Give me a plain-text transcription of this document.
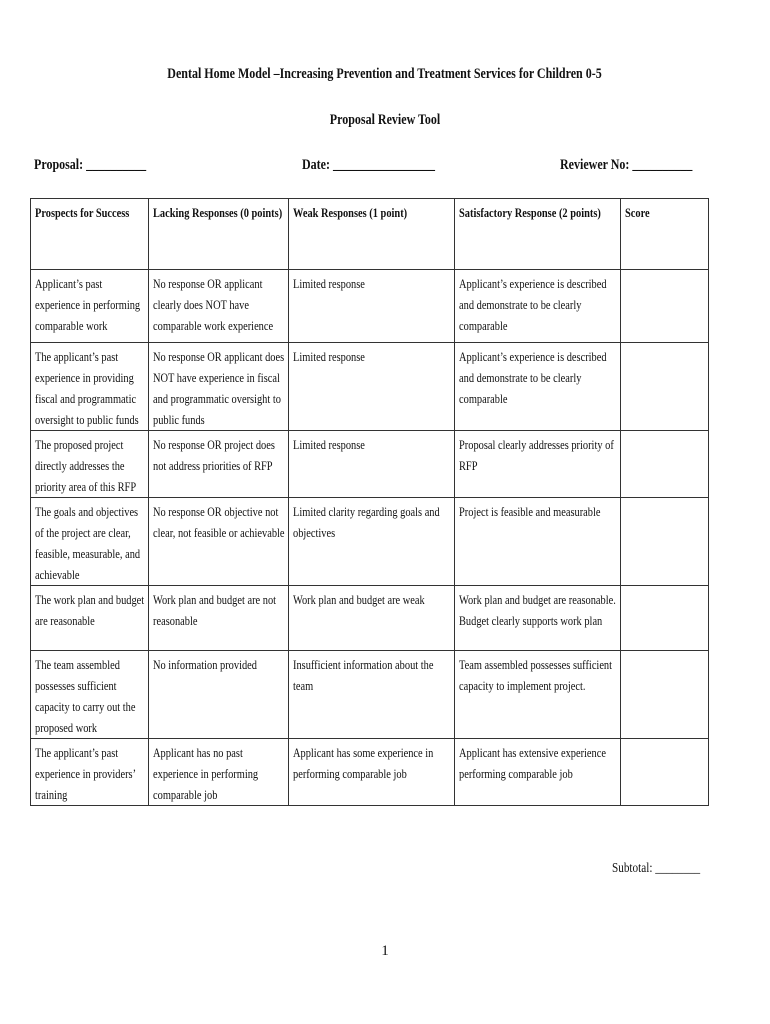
Dental Home Model –Increasing Prevention and Treatment Services for Children 0-5
Proposal Review Tool
Proposal: __________	Date: _________________	Reviewer No: __________
Prospects for Success	Lacking Responses (0 points)	Weak Responses (1 point)	Satisfactory Response (2 points)	Score

Applicant’s past experience in performing comparable work	No response OR applicant clearly does NOT have comparable work experience	Limited response	Applicant’s experience is described and demonstrate to be clearly comparable	

The applicant’s past experience in providing fiscal and programmatic oversight to public funds	No response OR applicant does NOT have experience in fiscal and programmatic oversight to public funds	Limited response	Applicant’s experience is described and demonstrate to be clearly comparable	

The proposed project directly addresses the priority area of this RFP	No response OR project does not address priorities of RFP	Limited response	Proposal clearly addresses priority of RFP	

The goals and objectives of the project are clear, feasible, measurable, and achievable	No response OR objective not clear, not feasible or achievable	Limited clarity regarding goals and objectives	Project is feasible and measurable	

The work plan and budget are reasonable	Work plan and budget are not reasonable	Work plan and budget are weak	Work plan and budget are reasonable. Budget clearly supports work plan	

The team assembled possesses sufficient capacity to carry out the proposed work	No information provided	Insufficient information about the team	Team assembled possesses sufficient capacity to implement project.	

The applicant’s past experience in providers’ training	Applicant has no past experience in performing comparable job	Applicant has some experience in performing comparable job	Applicant has extensive experience performing comparable job	

Subtotal: ________
1
